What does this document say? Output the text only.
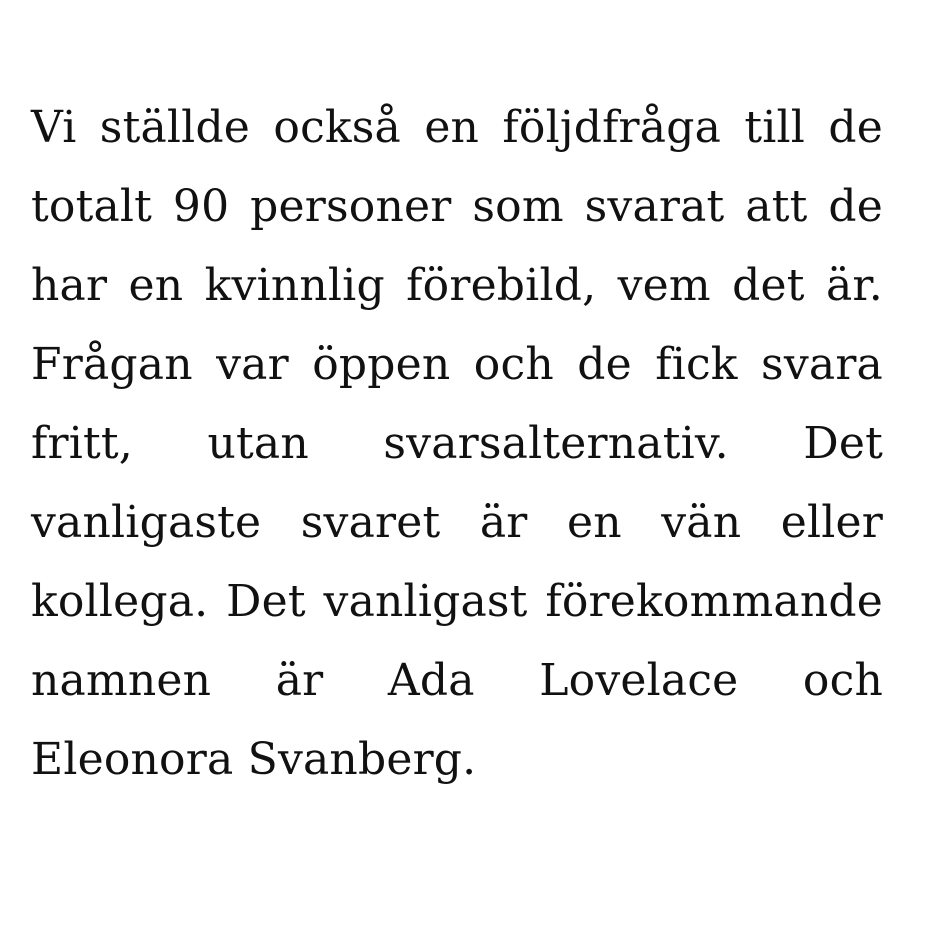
Vi ställde också en följdfråga till de totalt 90 personer som svarat att de har en kvinnlig förebild, vem det är. Frågan var öppen och de fick svara fritt, utan svarsalternativ. Det vanligaste svaret är en vän eller kollega. Det vanligast förekommande namnen är Ada Lovelace och Eleonora Svanberg.
